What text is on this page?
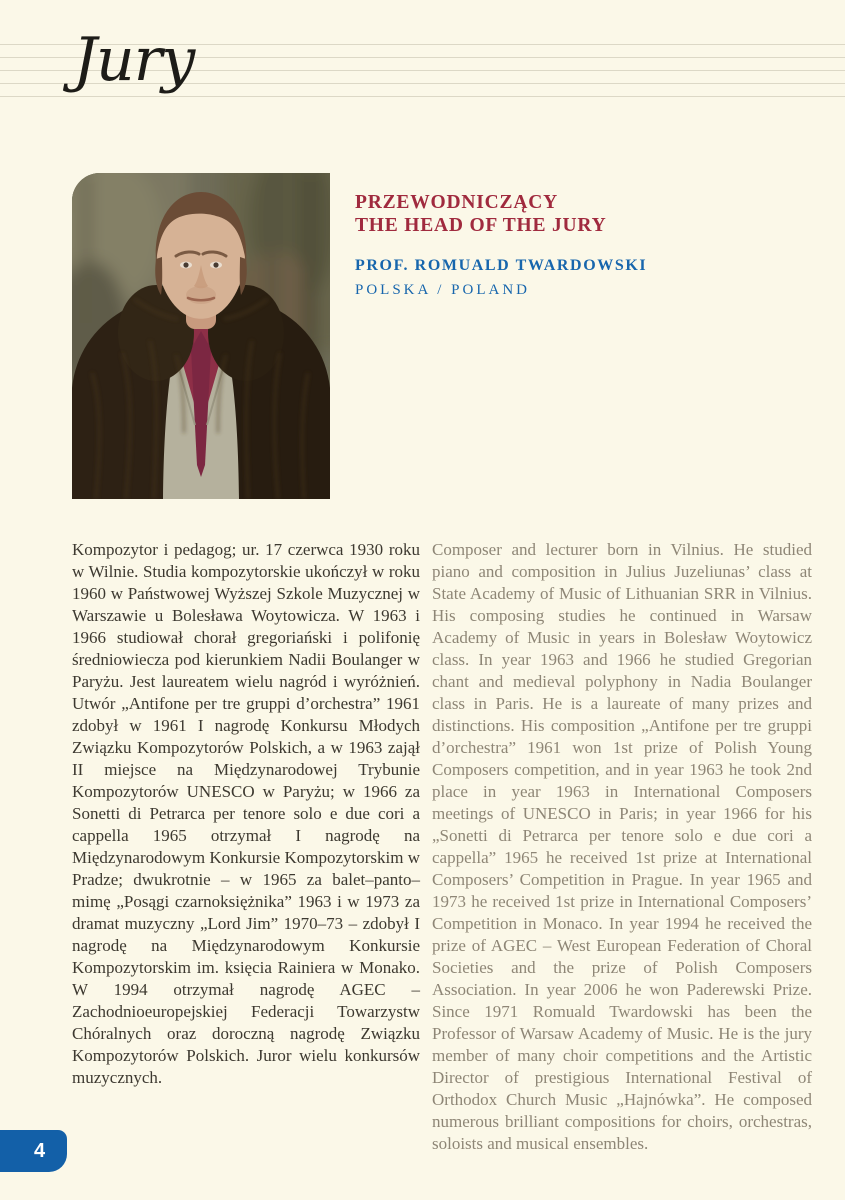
Jury
PRZEWODNICZĄCY
THE HEAD OF THE JURY
PROF. ROMUALD TWARDOWSKI
POLSKA / POLAND

Kompozytor i pedagog; ur. 17 czerwca 1930 roku w Wilnie. Studia kompozytorskie ukończył w roku 1960 w Państwowej Wyższej Szkole Muzycznej w Warszawie u Bolesława Woytowicza. W 1963 i 1966 studiował chorał gregoriański i polifonię średniowiecza pod kierunkiem Nadii Boulanger w Paryżu. Jest laureatem wielu nagród i wyróżnień. Utwór „Antifone per tre gruppi d’orchestra” 1961 zdobył w 1961 I nagrodę Konkursu Młodych Związku Kompozytorów Polskich, a w 1963 zajął II miejsce na Międzynarodowej Trybunie Kompozytorów UNESCO w Paryżu; w 1966 za Sonetti di Petrarca per tenore solo e due cori a cappella 1965 otrzymał I nagrodę na Międzynarodowym Konkursie Kompozytorskim w Pradze; dwukrotnie – w 1965 za balet–panto–mimę „Posągi czarnoksiężnika” 1963 i w 1973 za dramat muzyczny „Lord Jim” 1970–73 – zdobył I nagrodę na Międzynarodowym Konkursie Kompozytorskim im. księcia Rainiera w Monako. W 1994 otrzymał nagrodę AGEC – Zachodnioeuropejskiej Federacji Towarzystw Chóralnych oraz doroczną nagrodę Związku Kompozytorów Polskich. Juror wielu konkursów muzycznych.

Composer and lecturer born in Vilnius. He studied piano and composition in Julius Juzeliunas’ class at State Academy of Music of Lithuanian SRR in Vilnius. His composing studies he continued in Warsaw Academy of Music in years in Bolesław Woytowicz class. In year 1963 and 1966 he studied Gregorian chant and medieval polyphony in Nadia Boulanger class in Paris. He is a laureate of many prizes and distinctions. His composition „Antifone per tre gruppi d’orchestra” 1961 won 1st prize of Polish Young Composers competition, and in year 1963 he took 2nd place in year 1963 in International Composers meetings of UNESCO in Paris; in year 1966 for his „Sonetti di Petrarca per tenore solo e due cori a cappella” 1965 he received 1st prize at International Composers’ Competition in Prague. In year 1965 and 1973 he received 1st prize in International Composers’ Competition in Monaco. In year 1994 he received the prize of AGEC – West European Federation of Choral Societies and the prize of Polish Composers Association. In year 2006 he won Paderewski Prize. Since 1971 Romuald Twardowski has been the Professor of Warsaw Academy of Music. He is the jury member of many choir competitions and the Artistic Director of prestigious International Festival of Orthodox Church Music „Hajnówka”. He composed numerous brilliant compositions for choirs, orchestras, soloists and musical ensembles.

4
